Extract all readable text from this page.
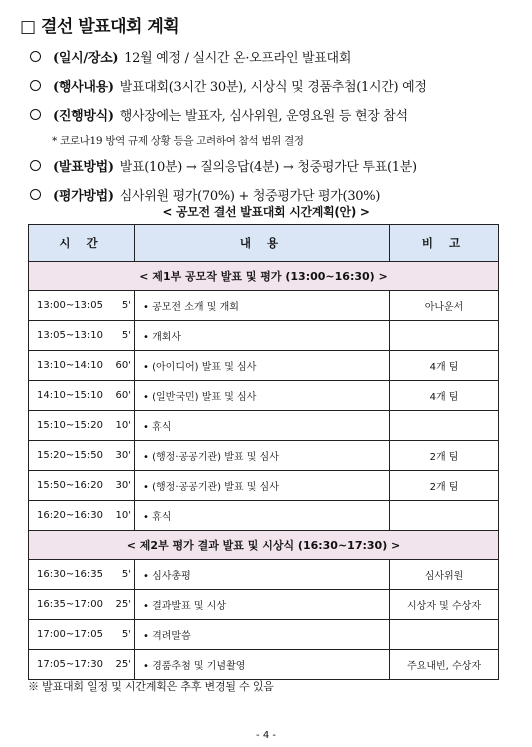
□ 결선 발표대회 계획
(일시/장소) 12월 예정 / 실시간 온·오프라인 발표대회
(행사내용) 발표대회(3시간 30분), 시상식 및 경품추첨(1시간) 예정
(진행방식) 행사장에는 발표자, 심사위원, 운영요원 등 현장 참석
* 코로나19 방역 규제 상황 등을 고려하여 참석 범위 결정
(발표방법) 발표(10분) → 질의응답(4분) → 청중평가단 투표(1분)
(평가방법) 심사위원 평가(70%) + 청중평가단 평가(30%)
< 공모전 결선 발표대회 시간계획(안) >
시 간		내 용	비 고
< 제1부 공모작 발표 및 평가 (13:00~16:30) >			
13:00~13:05	5'	• 공모전 소개 및 개회	아나운서
13:05~13:10	5'	• 개회사	
13:10~14:10	60'	• (아이디어) 발표 및 심사	4개 팀
14:10~15:10	60'	• (일반국민) 발표 및 심사	4개 팀
15:10~15:20	10'	• 휴식	
15:20~15:50	30'	• (행정·공공기관) 발표 및 심사	2개 팀
15:50~16:20	30'	• (행정·공공기관) 발표 및 심사	2개 팀
16:20~16:30	10'	• 휴식	
< 제2부 평가 결과 발표 및 시상식 (16:30~17:30) >			
16:30~16:35	5'	• 심사총평	심사위원
16:35~17:00	25'	• 결과발표 및 시상	시상자 및 수상자
17:00~17:05	5'	• 격려말씀	
17:05~17:30	25'	• 경품추첨 및 기념촬영	주요내빈, 수상자
※ 발표대회 일정 및 시간계획은 추후 변경될 수 있음
- 4 -
